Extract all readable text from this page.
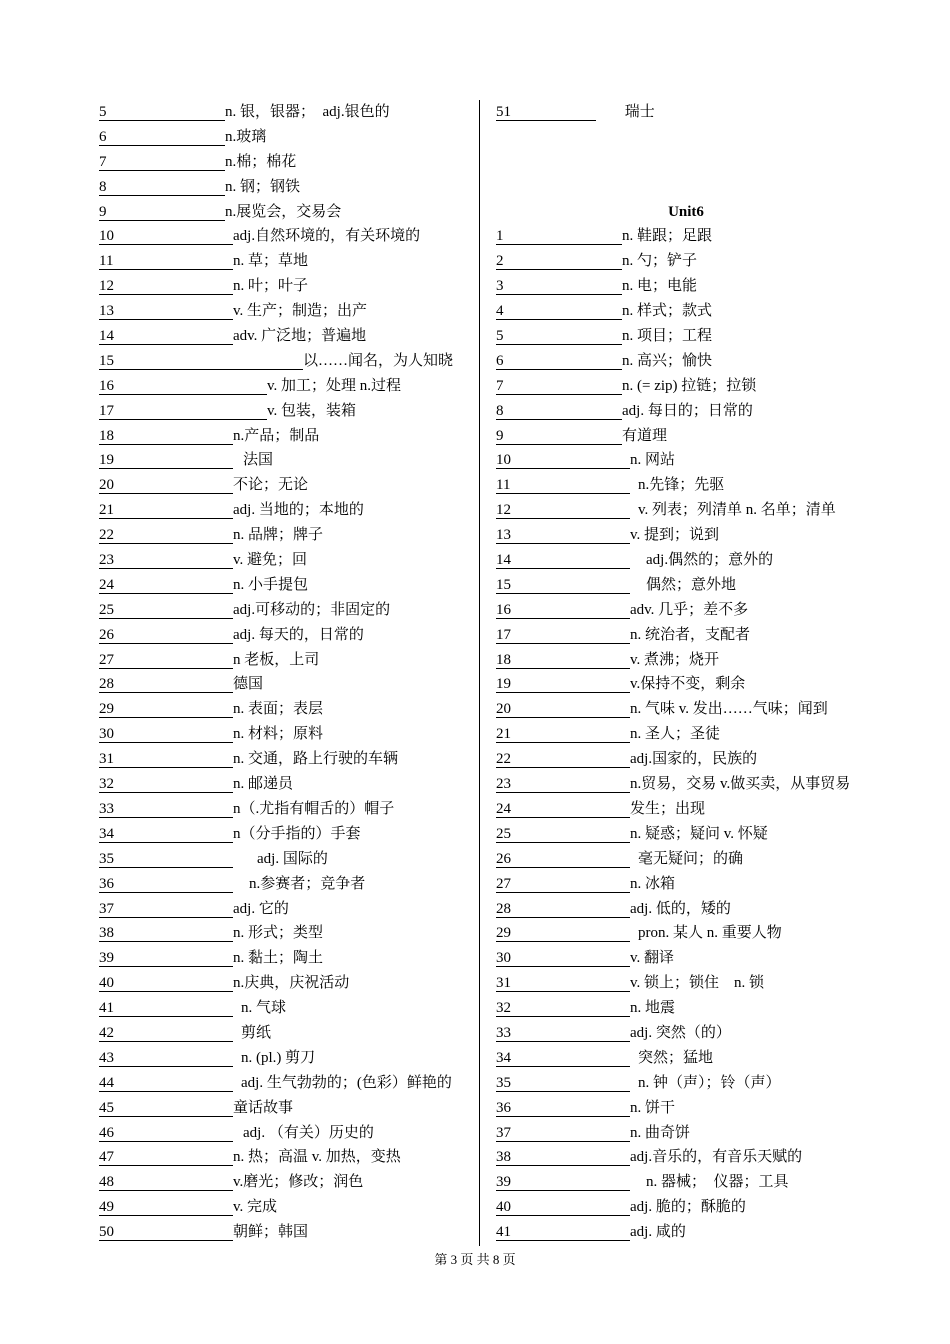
5	n. 银，银器；　adj.银色的
6	n.玻璃
7	n.棉；棉花
8	n. 钢；钢铁
9	n.展览会，交易会
10	adj.自然环境的，有关环境的
11	n. 草；草地
12	n. 叶；叶子
13	v. 生产；制造；出产
14	adv. 广泛地；普遍地
15	以……闻名，为人知晓
16	v. 加工；处理 n.过程
17	v. 包装，装箱
18	n.产品；制品
19	法国
20	不论；无论
21	adj. 当地的；本地的
22	n. 品牌；牌子
23	v. 避免；回
24	n. 小手提包
25	adj.可移动的；非固定的
26	adj. 每天的，日常的
27	n 老板，上司
28	德国
29	n. 表面；表层
30	n. 材料；原料
31	n. 交通，路上行驶的车辆
32	n. 邮递员
33	n（.尤指有帽舌的）帽子
34	n（分手指的）手套
35	adj. 国际的
36	n.参赛者；竞争者
37	adj. 它的
38	n. 形式；类型
39	n. 黏土；陶土
40	n.庆典，庆祝活动
41	n. 气球
42	剪纸
43	n. (pl.) 剪刀
44	adj. 生气勃勃的；(色彩）鲜艳的
45	童话故事
46	adj. （有关）历史的
47	n. 热；高温 v. 加热，变热
48	v.磨光；修改；润色
49	v. 完成
50	朝鲜；韩国
51	瑞士
Unit6
1	n. 鞋跟；足跟
2	n. 勺；铲子
3	n. 电；电能
4	n. 样式；款式
5	n. 项目；工程
6	n. 高兴；愉快
7	n. (= zip) 拉链；拉锁
8	adj. 每日的；日常的
9	有道理
10	n. 网站
11	n.先锋；先驱
12	v. 列表；列清单 n. 名单；清单
13	v. 提到；说到
14	adj.偶然的；意外的
15	偶然；意外地
16	adv. 几乎；差不多
17	n. 统治者，支配者
18	v. 煮沸；烧开
19	v.保持不变，剩余
20	n. 气味 v. 发出……气味；闻到
21	n. 圣人；圣徒
22	adj.国家的，民族的
23	n.贸易，交易 v.做买卖，从事贸易
24	发生；出现
25	n. 疑惑；疑问 v. 怀疑
26	毫无疑问；的确
27	n. 冰箱
28	adj. 低的，矮的
29	pron. 某人 n. 重要人物
30	v. 翻译
31	v. 锁上；锁住　n. 锁
32	n. 地震
33	adj. 突然（的）
34	突然；猛地
35	n. 钟（声）；铃（声）
36	n. 饼干
37	n. 曲奇饼
38	adj.音乐的，有音乐天赋的
39	n. 器械；　仪器；工具
40	adj. 脆的；酥脆的
41	adj. 咸的
第 3 页 共 8 页
